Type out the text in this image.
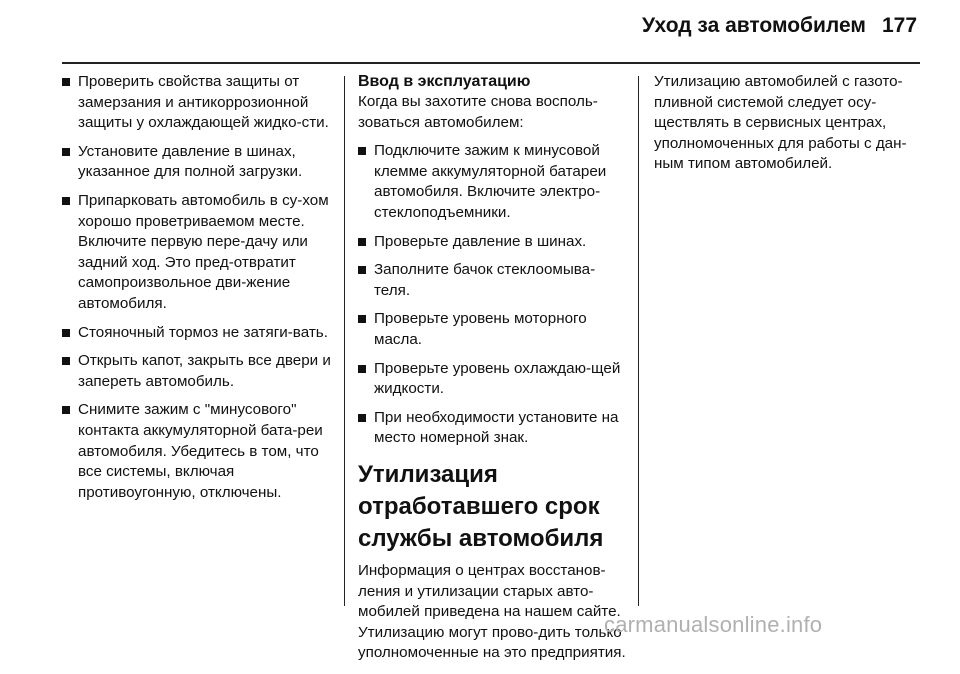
Уход за автомобилем 177
Проверить свойства защиты от замерзания и антикоррозионной защиты у охлаждающей жидко-сти.
Установите давление в шинах, указанное для полной загрузки.
Припарковать автомобиль в су-хом хорошо проветриваемом месте. Включите первую пере-дачу или задний ход. Это пред-отвратит самопроизвольное дви-жение автомобиля.
Стояночный тормоз не затяги-вать.
Открыть капот, закрыть все двери и запереть автомобиль.
Снимите зажим с "минусового" контакта аккумуляторной бата-реи автомобиля. Убедитесь в том, что все системы, включая противоугонную, отключены.
Ввод в эксплуатацию

Когда вы захотите снова восполь-зоваться автомобилем:

Подключите зажим к минусовой клемме аккумуляторной батареи автомобиля. Включите электро-стеклоподъемники.
Проверьте давление в шинах.
Заполните бачок стеклоомыва-теля.
Проверьте уровень моторного масла.
Проверьте уровень охлаждаю-щей жидкости.
При необходимости установите на место номерной знак.
Утилизация отработавшего срок службы автомобиля

Информация о центрах восстанов-ления и утилизации старых авто-мобилей приведена на нашем сайте. Утилизацию могут прово-дить только уполномоченные на это предприятия.

Утилизацию автомобилей с газото-пливной системой следует осу-ществлять в сервисных центрах, уполномоченных для работы с дан-ным типом автомобилей.

carmanualsonline.info
